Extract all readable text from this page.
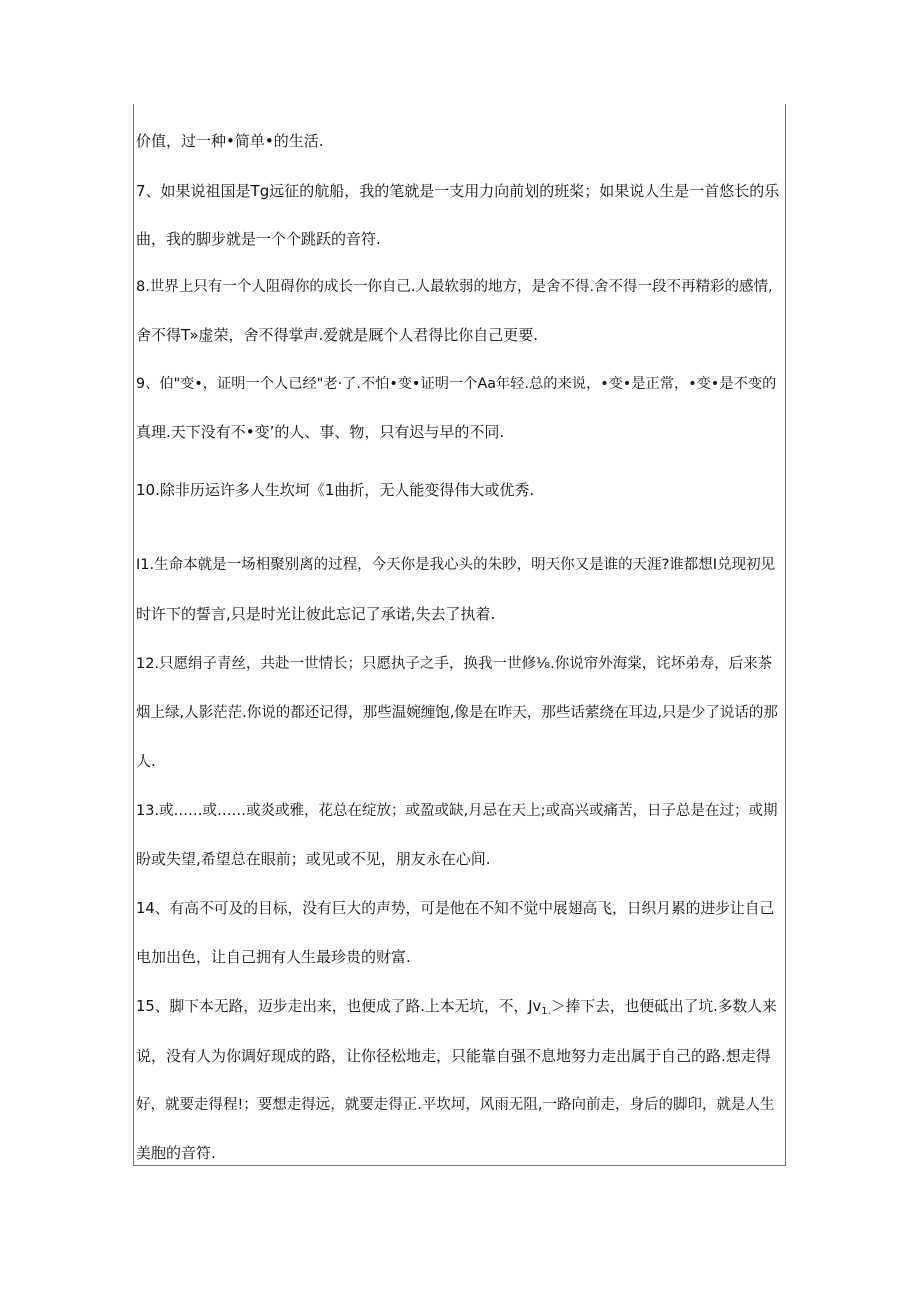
价值，过一种•简单•的生活.

7、如果说祖国是Tg远征的航船，我的笔就是一支用力向前划的班桨；如果说人生是一首悠长的乐

曲，我的脚步就是一个个跳跃的音符.

8.世界上只有一个人阻碍你的成长一你自己.人最软弱的地方，是舍不得.舍不得一段不再精彩的感情,

舍不得T»虚荣，舍不得掌声.爱就是厩个人君得比你自己更要.

9、伯"变•，证明一个人已经"老·了.不怕•变•证明一个Aa年轻.总的来说，•变•是正常，•变•是不变的

真理.天下没有不•变’的人、事、物，只有迟与早的不同.

10.除非历运许多人生坎坷《1曲折，无人能变得伟大或优秀.

I1.生命本就是一场相聚别离的过程，今天你是我心头的朱眇，明天你又是谁的天涯?谁都想I兑现初见

时许下的誓言,只是时光让彼此忘记了承诺,失去了执着.

12.只愿绢子青丝，共赴一世情长；只愿执子之手，换我一世修⅛.你说帘外海棠，诧坏弟寿，后来茶

烟上绿,人影茫茫.你说的都还记得，那些温婉缠饱,像是在昨天，那些话萦绕在耳边,只是少了说话的那

人.

13.或……或……或炎或雅，花总在绽放；或盈或缺,月忌在天上;或高兴或痛苦，日子总是在过；或期

盼或失望,希望总在眼前；或见或不见，朋友永在心间.

14、有高不可及的目标，没有巨大的声势，可是他在不知不觉中展翅高飞，日织月累的进步让自己

电加出色，让自己拥有人生最珍贵的财富.

15、脚下本无路，迈步走出来，也便成了路.上本无坑，不，$Jv_{1.}>$捧下去，也便砥出了坑.多数人来

说，没有人为你调好现成的路，让你径松地走，只能靠自强不息地努力走出属于自己的路.想走得

好，就要走得程!；要想走得远，就要走得正.平坎坷，风雨无阻,一路向前走，身后的脚印，就是人生

美胞的音符.
